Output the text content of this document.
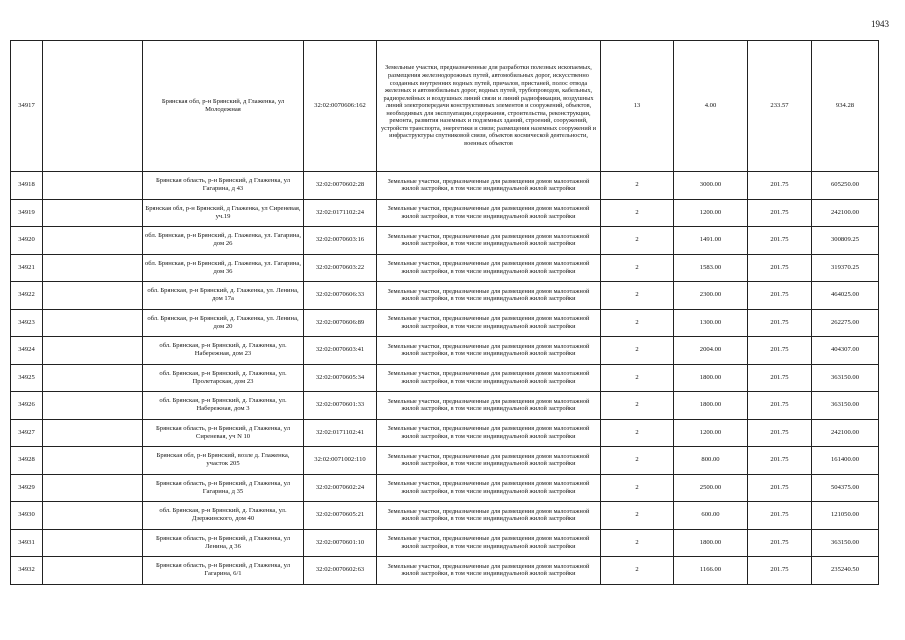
1943
34917		Брянская обл, р-н Брянский, д Глаженка, ул Молодежная	32:02:0070606:162	Земельные участки, предназначенные для разработки полезных ископаемых, размещения железнодорожных путей, автомобильных дорог, искусственно созданных внутренних водных путей, причалов, пристаней, полос отвода железных и автомобильных дорог, водных путей, трубопроводов, кабельных, радиорелейных и воздушных линий связи и линий радиофикации, воздушных линий электропередачи конструктивных элементов и сооружений, объектов, необходимых для эксплуатации,содержания, строительства, реконструкции, ремонта, развития наземных и подземных зданий, строений, сооружений, устройств транспорта, энергетики и связи; размещения наземных сооружений и инфраструктуры спутниковой связи, объектов космической деятельности, военных объектов	13	4.00	233.57	934.28
34918		Брянская область, р-н Брянский, д Глаженка, ул Гагарина, д 43	32:02:0070602:28	Земельные участки, предназначенные для размещения домов малоэтажной жилой застройки, в том числе индивидуальной жилой застройки	2	3000.00	201.75	605250.00
34919		Брянская обл, р-н Брянский, д Глаженка, ул Сиреневая, уч.19	32:02:0171102:24	Земельные участки, предназначенные для размещения домов малоэтажной жилой застройки, в том числе индивидуальной жилой застройки	2	1200.00	201.75	242100.00
34920		обл. Брянская, р-н Брянский, д. Глаженка, ул. Гагарина, дом 26	32:02:0070603:16	Земельные участки, предназначенные для размещения домов малоэтажной жилой застройки, в том числе индивидуальной жилой застройки	2	1491.00	201.75	300809.25
34921		обл. Брянская, р-н Брянский, д. Глаженка, ул. Гагарина, дом 36	32:02:0070603:22	Земельные участки, предназначенные для размещения домов малоэтажной жилой застройки, в том числе индивидуальной жилой застройки	2	1583.00	201.75	319370.25
34922		обл. Брянская, р-н Брянский, д. Глаженка, ул. Ленина, дом 17а	32:02:0070606:33	Земельные участки, предназначенные для размещения домов малоэтажной жилой застройки, в том числе индивидуальной жилой застройки	2	2300.00	201.75	464025.00
34923		обл. Брянская, р-н Брянский, д. Глаженка, ул. Ленина, дом 20	32:02:0070606:89	Земельные участки, предназначенные для размещения домов малоэтажной жилой застройки, в том числе индивидуальной жилой застройки	2	1300.00	201.75	262275.00
34924		обл. Брянская, р-н Брянский, д. Глаженка, ул. Набережная, дом 23	32:02:0070603:41	Земельные участки, предназначенные для размещения домов малоэтажной жилой застройки, в том числе индивидуальной жилой застройки	2	2004.00	201.75	404307.00
34925		обл. Брянская, р-н Брянский, д. Глаженка, ул. Пролетарская, дом 23	32:02:0070605:34	Земельные участки, предназначенные для размещения домов малоэтажной жилой застройки, в том числе индивидуальной жилой застройки	2	1800.00	201.75	363150.00
34926		обл. Брянская, р-н Брянский, д. Глаженка, ул. Набережная, дом 3	32:02:0070601:33	Земельные участки, предназначенные для размещения домов малоэтажной жилой застройки, в том числе индивидуальной жилой застройки	2	1800.00	201.75	363150.00
34927		Брянская область, р-н Брянский, д Глаженка, ул Сиреневая, уч N 10	32:02:0171102:41	Земельные участки, предназначенные для размещения домов малоэтажной жилой застройки, в том числе индивидуальной жилой застройки	2	1200.00	201.75	242100.00
34928		Брянская обл, р-н Брянский, возле д. Глаженка, участок 205	32:02:0071002:110	Земельные участки, предназначенные для размещения домов малоэтажной жилой застройки, в том числе индивидуальной жилой застройки	2	800.00	201.75	161400.00
34929		Брянская область, р-н Брянский, д Глаженка, ул Гагарина, д 35	32:02:0070602:24	Земельные участки, предназначенные для размещения домов малоэтажной жилой застройки, в том числе индивидуальной жилой застройки	2	2500.00	201.75	504375.00
34930		обл. Брянская, р-н Брянский, д. Глаженка, ул. Дзержинского, дом 40	32:02:0070605:21	Земельные участки, предназначенные для размещения домов малоэтажной жилой застройки, в том числе индивидуальной жилой застройки	2	600.00	201.75	121050.00
34931		Брянская область, р-н Брянский, д Глаженка, ул Ленина, д 36	32:02:0070601:10	Земельные участки, предназначенные для размещения домов малоэтажной жилой застройки, в том числе индивидуальной жилой застройки	2	1800.00	201.75	363150.00
34932		Брянская область, р-н Брянский, д Глаженка, ул Гагарина, 6/1	32:02:0070602:63	Земельные участки, предназначенные для размещения домов малоэтажной жилой застройки, в том числе индивидуальной жилой застройки	2	1166.00	201.75	235240.50
